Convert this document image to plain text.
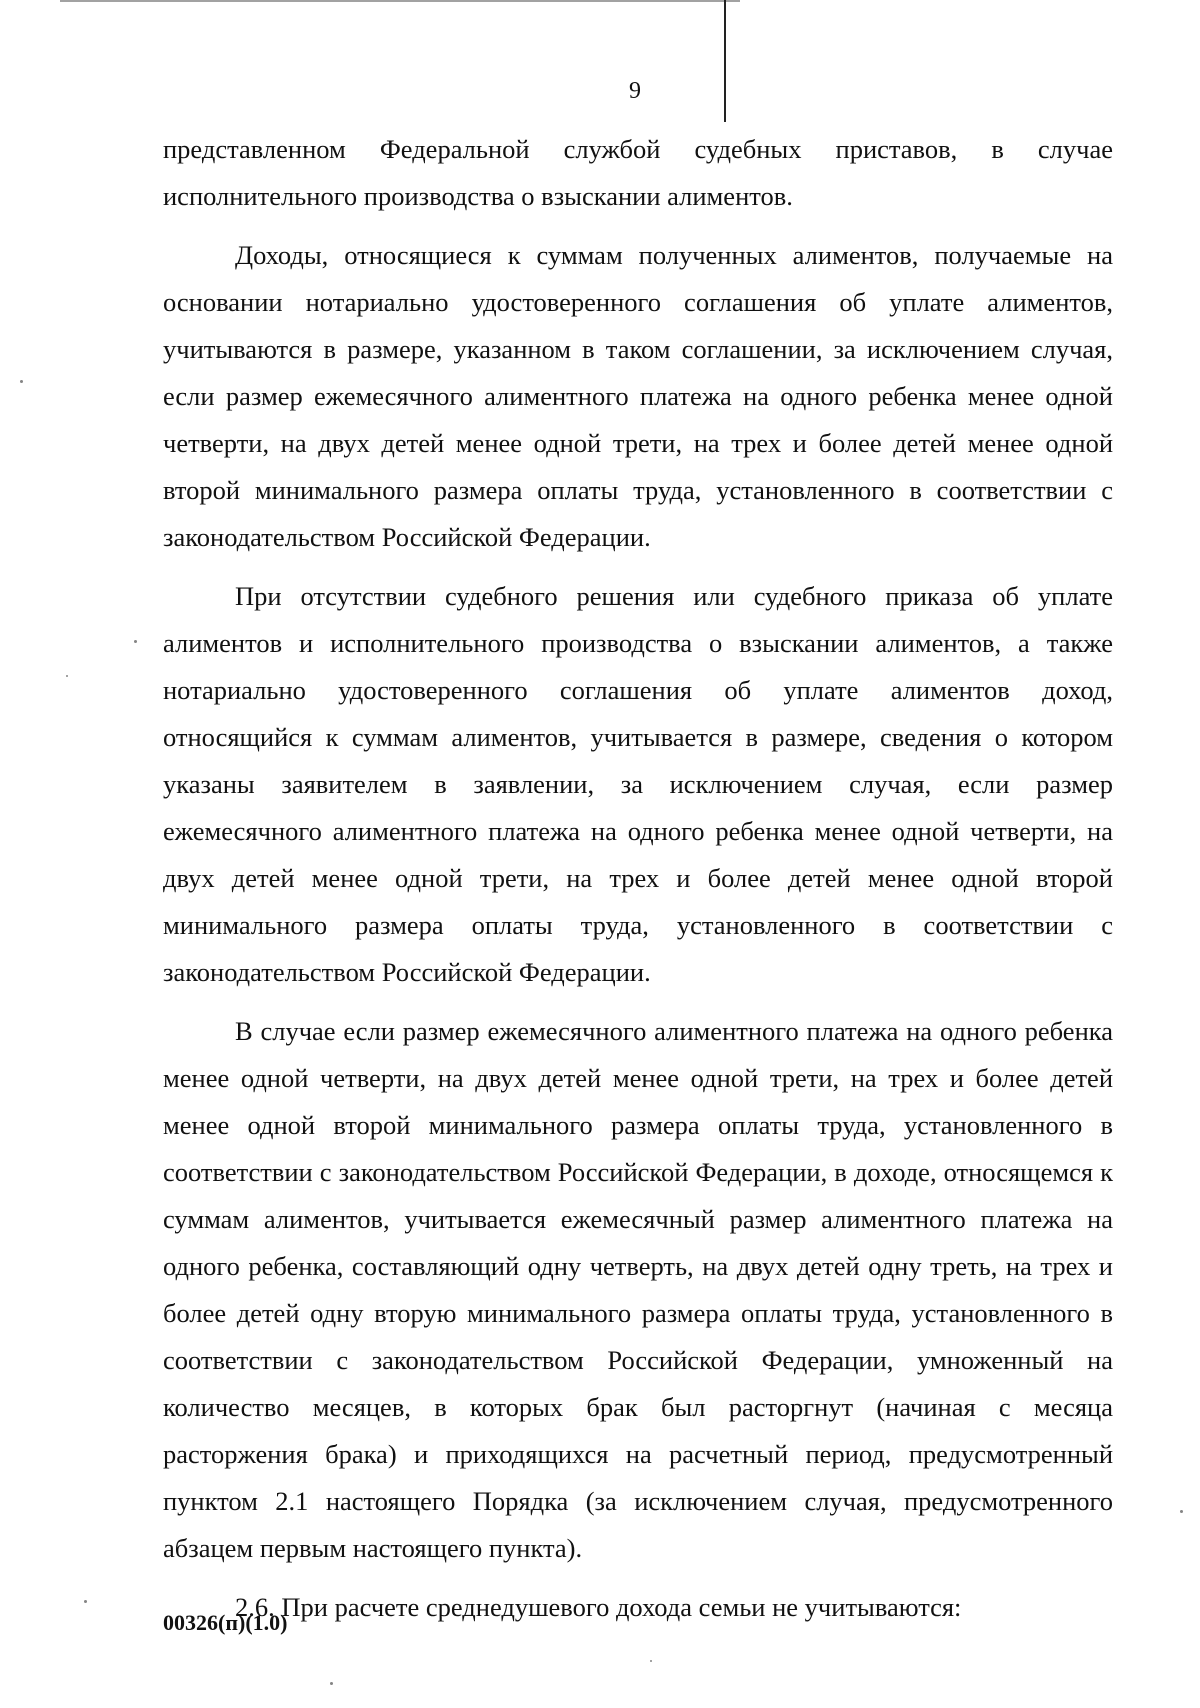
9

представленном Федеральной службой судебных приставов, в случае исполнительного производства о взыскании алиментов.

Доходы, относящиеся к суммам полученных алиментов, получаемые на основании нотариально удостоверенного соглашения об уплате алиментов, учитываются в размере, указанном в таком соглашении, за исключением случая, если размер ежемесячного алиментного платежа на одного ребенка менее одной четверти, на двух детей менее одной трети, на трех и более детей менее одной второй минимального размера оплаты труда, установленного в соответствии с законодательством Российской Федерации.

При отсутствии судебного решения или судебного приказа об уплате алиментов и исполнительного производства о взыскании алиментов, а также нотариально удостоверенного соглашения об уплате алиментов доход, относящийся к суммам алиментов, учитывается в размере, сведения о котором указаны заявителем в заявлении, за исключением случая, если размер ежемесячного алиментного платежа на одного ребенка менее одной четверти, на двух детей менее одной трети, на трех и более детей менее одной второй минимального размера оплаты труда, установленного в соответствии с законодательством Российской Федерации.

В случае если размер ежемесячного алиментного платежа на одного ребенка менее одной четверти, на двух детей менее одной трети, на трех и более детей менее одной второй минимального размера оплаты труда, установленного в соответствии с законодательством Российской Федерации, в доходе, относящемся к суммам алиментов, учитывается ежемесячный размер алиментного платежа на одного ребенка, составляющий одну четверть, на двух детей одну треть, на трех и более детей одну вторую минимального размера оплаты труда, установленного в соответствии с законодательством Российской Федерации, умноженный на количество месяцев, в которых брак был расторгнут (начиная с месяца расторжения брака) и приходящихся на расчетный период, предусмотренный пунктом 2.1 настоящего Порядка (за исключением случая, предусмотренного абзацем первым настоящего пункта).

2.6. При расчете среднедушевого дохода семьи не учитываются:

00326(п)(1.0)
